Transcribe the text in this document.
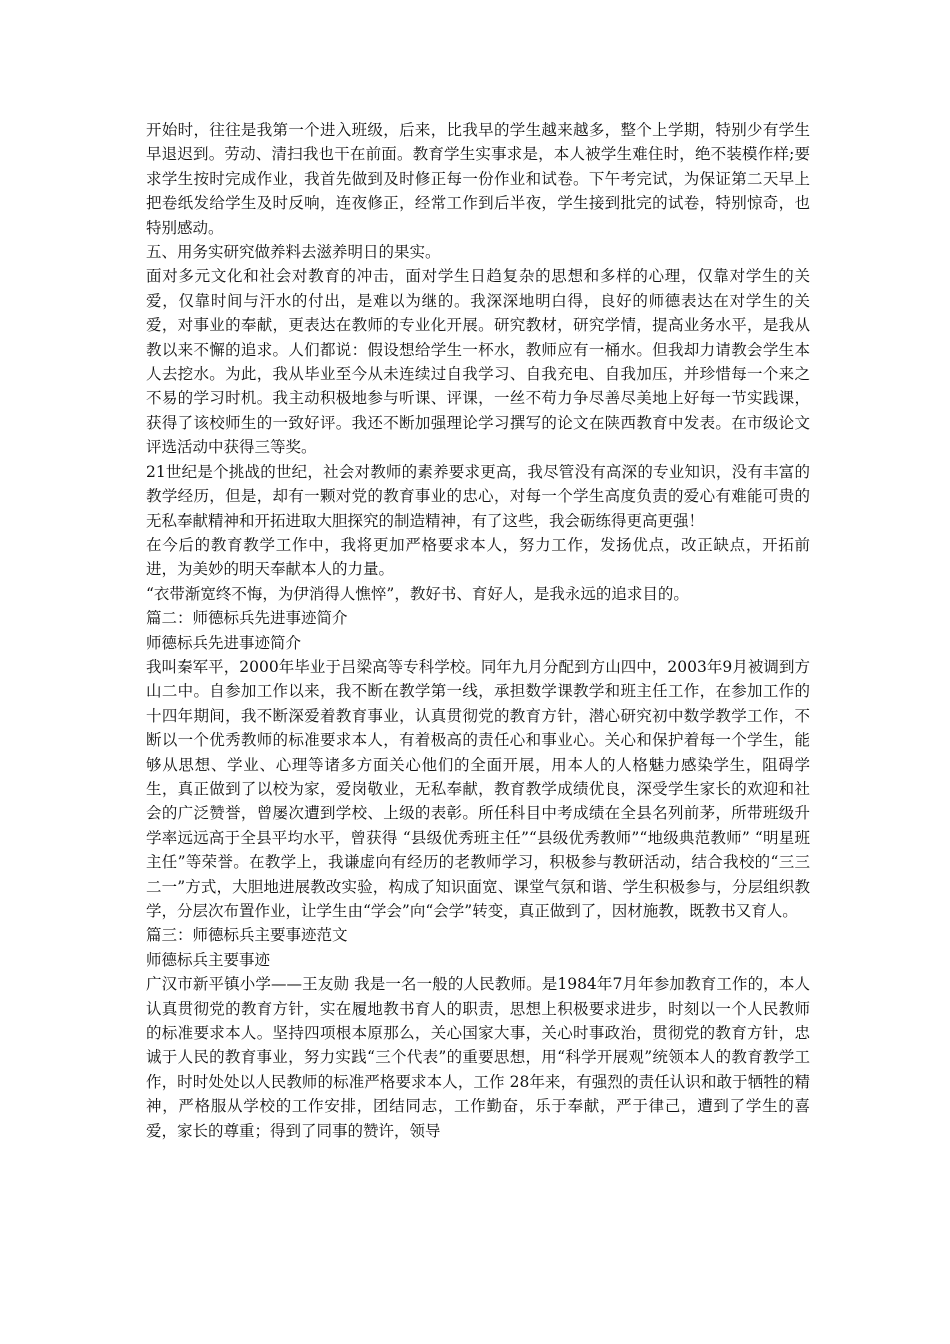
开始时，往往是我第一个进入班级，后来，比我早的学生越来越多，整个上学期，特别少有学生早退迟到。劳动、清扫我也干在前面。教育学生实事求是，本人被学生难住时，绝不装模作样;要求学生按时完成作业，我首先做到及时修正每一份作业和试卷。下午考完试，为保证第二天早上把卷纸发给学生及时反响，连夜修正，经常工作到后半夜，学生接到批完的试卷，特别惊奇，也特别感动。

五、用务实研究做养料去滋养明日的果实。

面对多元文化和社会对教育的冲击，面对学生日趋复杂的思想和多样的心理，仅靠对学生的关爱，仅靠时间与汗水的付出，是难以为继的。我深深地明白得，良好的师德表达在对学生的关爱，对事业的奉献，更表达在教师的专业化开展。研究教材，研究学情，提高业务水平，是我从教以来不懈的追求。人们都说：假设想给学生一杯水，教师应有一桶水。但我却力请教会学生本人去挖水。为此，我从毕业至今从未连续过自我学习、自我充电、自我加压，并珍惜每一个来之不易的学习时机。我主动积极地参与听课、评课，一丝不苟力争尽善尽美地上好每一节实践课，获得了该校师生的一致好评。我还不断加强理论学习撰写的论文在陕西教育中发表。在市级论文评选活动中获得三等奖。

21世纪是个挑战的世纪，社会对教师的素养要求更高，我尽管没有高深的专业知识，没有丰富的教学经历，但是，却有一颗对党的教育事业的忠心，对每一个学生高度负责的爱心有难能可贵的无私奉献精神和开拓进取大胆探究的制造精神，有了这些，我会砺练得更高更强！

在今后的教育教学工作中，我将更加严格要求本人，努力工作，发扬优点，改正缺点，开拓前进，为美妙的明天奉献本人的力量。

“衣带渐宽终不悔，为伊消得人憔悴”，教好书、育好人，是我永远的追求目的。

篇二：师德标兵先进事迹简介

师德标兵先进事迹简介

我叫秦军平，2000年毕业于吕梁高等专科学校。同年九月分配到方山四中，2003年9月被调到方山二中。自参加工作以来，我不断在教学第一线，承担数学课教学和班主任工作，在参加工作的十四年期间，我不断深爱着教育事业，认真贯彻党的教育方针，潜心研究初中数学教学工作，不断以一个优秀教师的标准要求本人，有着极高的责任心和事业心。关心和保护着每一个学生，能够从思想、学业、心理等诸多方面关心他们的全面开展，用本人的人格魅力感染学生，阻碍学生，真正做到了以校为家，爱岗敬业，无私奉献，教育教学成绩优良，深受学生家长的欢迎和社会的广泛赞誉，曾屡次遭到学校、上级的表彰。所任科目中考成绩在全县名列前茅，所带班级升学率远远高于全县平均水平，曾获得 “县级优秀班主任”“县级优秀教师”“地级典范教师” “明星班主任”等荣誉。在教学上，我谦虚向有经历的老教师学习，积极参与教研活动，结合我校的“三三二一”方式，大胆地进展教改实验，构成了知识面宽、课堂气氛和谐、学生积极参与，分层组织教学，分层次布置作业，让学生由“学会”向“会学”转变，真正做到了，因材施教，既教书又育人。

篇三：师德标兵主要事迹范文

师德标兵主要事迹

广汉市新平镇小学——王友勋 我是一名一般的人民教师。是1984年7月年参加教育工作的，本人认真贯彻党的教育方针，实在履地教书育人的职责，思想上积极要求进步，时刻以一个人民教师的标准要求本人。坚持四项根本原那么，关心国家大事，关心时事政治，贯彻党的教育方针，忠诚于人民的教育事业，努力实践“三个代表”的重要思想，用“科学开展观”统领本人的教育教学工作，时时处处以人民教师的标准严格要求本人，工作 28年来，有强烈的责任认识和敢于牺牲的精神，严格服从学校的工作安排，团结同志，工作勤奋，乐于奉献，严于律己，遭到了学生的喜爱，家长的尊重；得到了同事的赞许，领导
